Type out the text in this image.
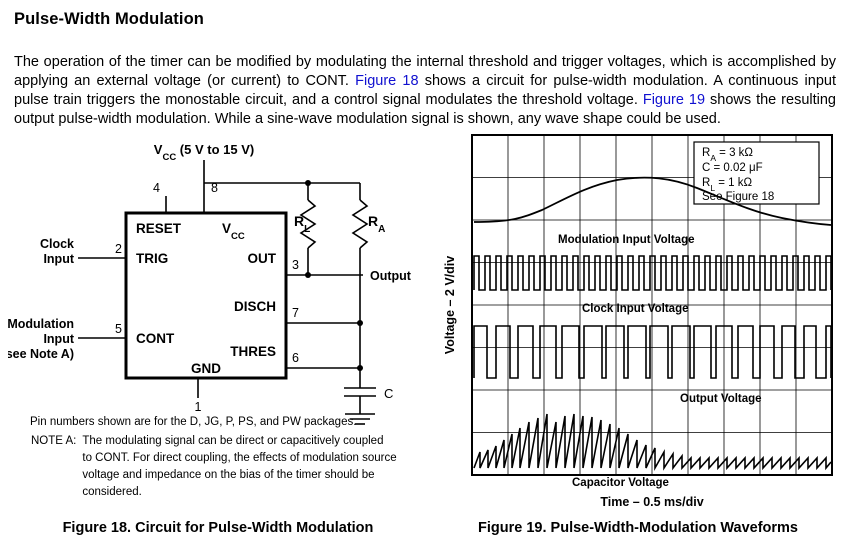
Pulse-Width Modulation

The operation of the timer can be modified by modulating the internal threshold and trigger voltages, which is accomplished by applying an external voltage (or current) to CONT. Figure 18 shows a circuit for pulse-width modulation. A continuous input pulse train triggers the monostable circuit, and a control signal modulates the threshold voltage. Figure 19 shows the resulting output pulse-width modulation. While a sine-wave modulation signal is shown, any wave shape could be used.

$V_{CC}$ (5 V to 15 V)
$R_L$	$R_A$
C
4	8
2
3
7
5
6
1
RESET	$V_{CC}$
TRIG	OUT
DISCH
CONT
THRES
GND
Clock
Input
Modulation
Input
(see Note A)
Output
Pin numbers shown are for the D, JG, P, PS, and PW packages.
NOTE A:	The modulating signal can be direct or capacitively coupled
	to CONT. For direct coupling, the effects of modulation source
	voltage and impedance on the bias of the timer should be
	considered.
Figure 18. Circuit for Pulse-Width Modulation
$R_A = 3$ kΩ
C = 0.02 μF
$R_L = 1$ kΩ
See Figure 18
Modulation Input Voltage
Clock Input Voltage
Output Voltage
Capacitor Voltage
Voltage – 2 V/div
Time – 0.5 ms/div
Figure 19. Pulse-Width-Modulation Waveforms
